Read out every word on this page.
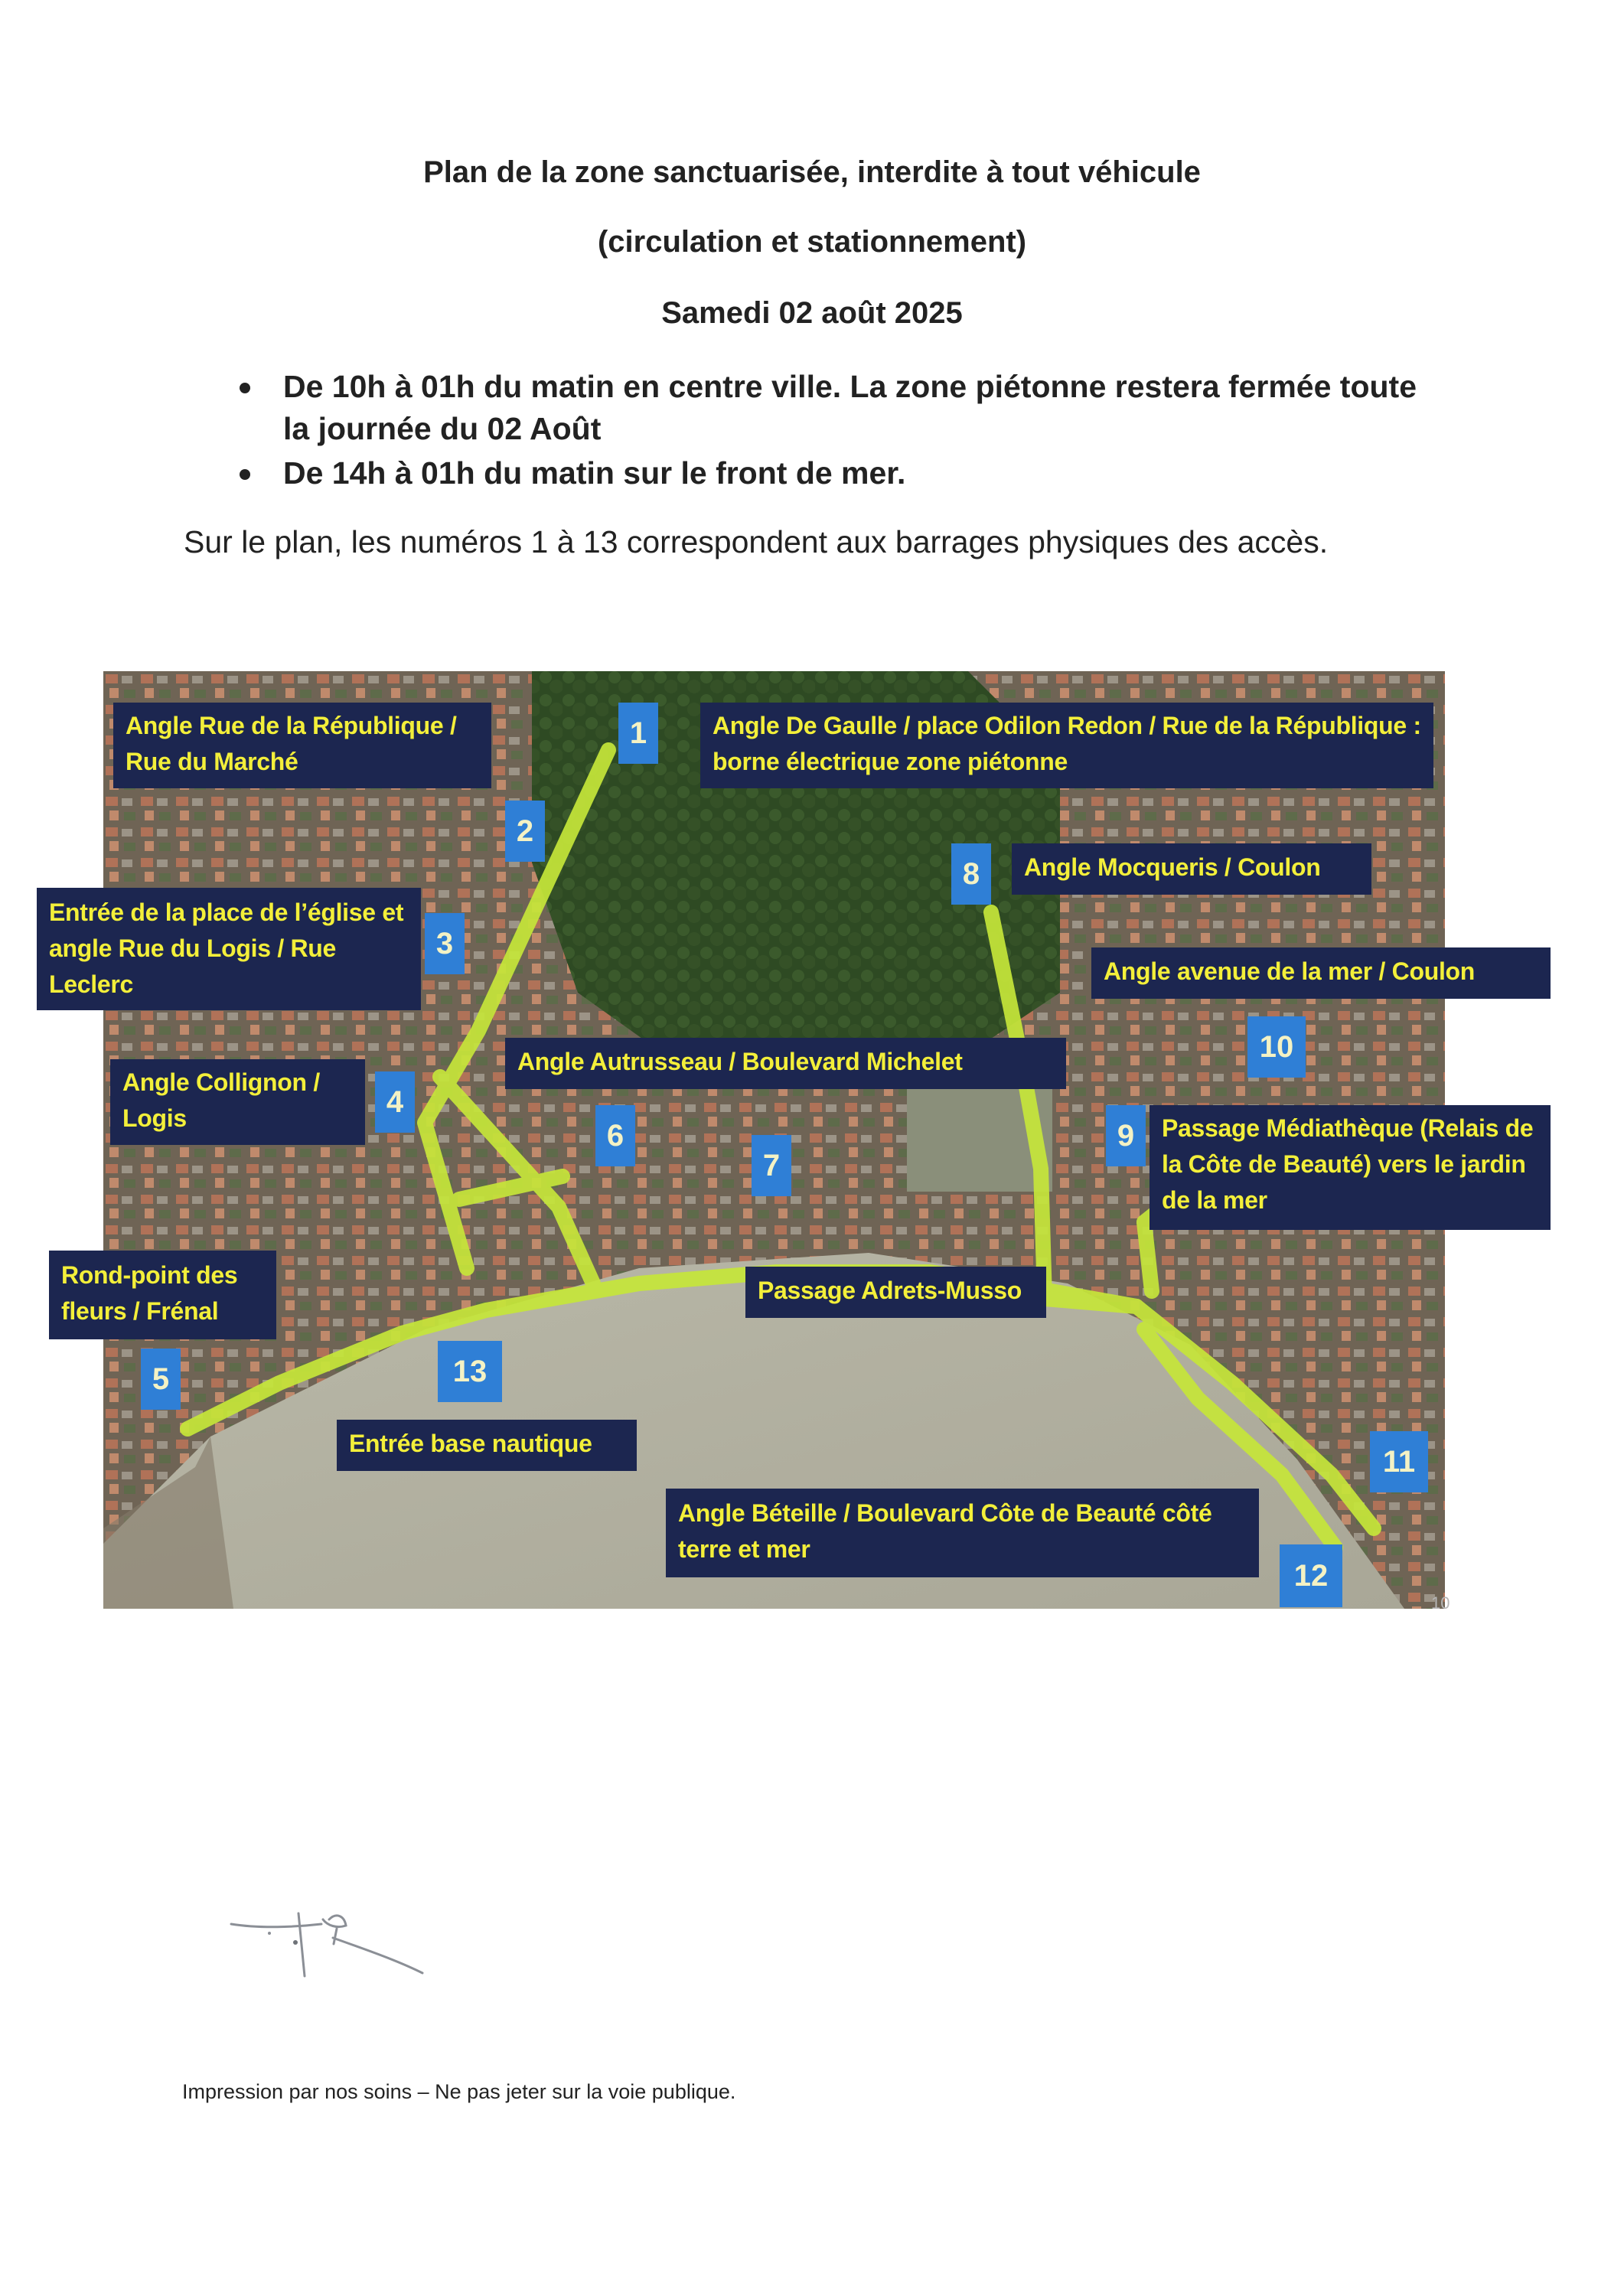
Plan de la zone sanctuarisée, interdite à tout véhicule
(circulation et stationnement)
Samedi 02 août 2025
De 10h à 01h du matin en centre ville. La zone piétonne restera fermée toute la journée du 02 Août
De 14h à 01h du matin sur le front de mer.
Sur le plan, les numéros 1 à 13 correspondent aux barrages physiques des accès.
10
Angle Rue de la République / Rue du Marché
Angle De Gaulle / place Odilon Redon / Rue de la République : borne électrique zone piétonne
Angle Mocqueris / Coulon
Entrée de la place de l’église et angle Rue du Logis / Rue Leclerc	Angle avenue de la mer / Coulon
Angle Autrusseau / Boulevard Michelet
Angle Collignon / Logis	Passage Médiathèque (Relais de la Côte de Beauté) vers le jardin de la mer
Rond-point des fleurs / Frénal
Passage Adrets-Musso
Entrée base nautique
Angle Béteille / Boulevard Côte de Beauté côté terre et mer
1
2
8
3
10
4
6	9
7
13
5
11
12
Impression par nos soins – Ne pas jeter sur la voie publique.
